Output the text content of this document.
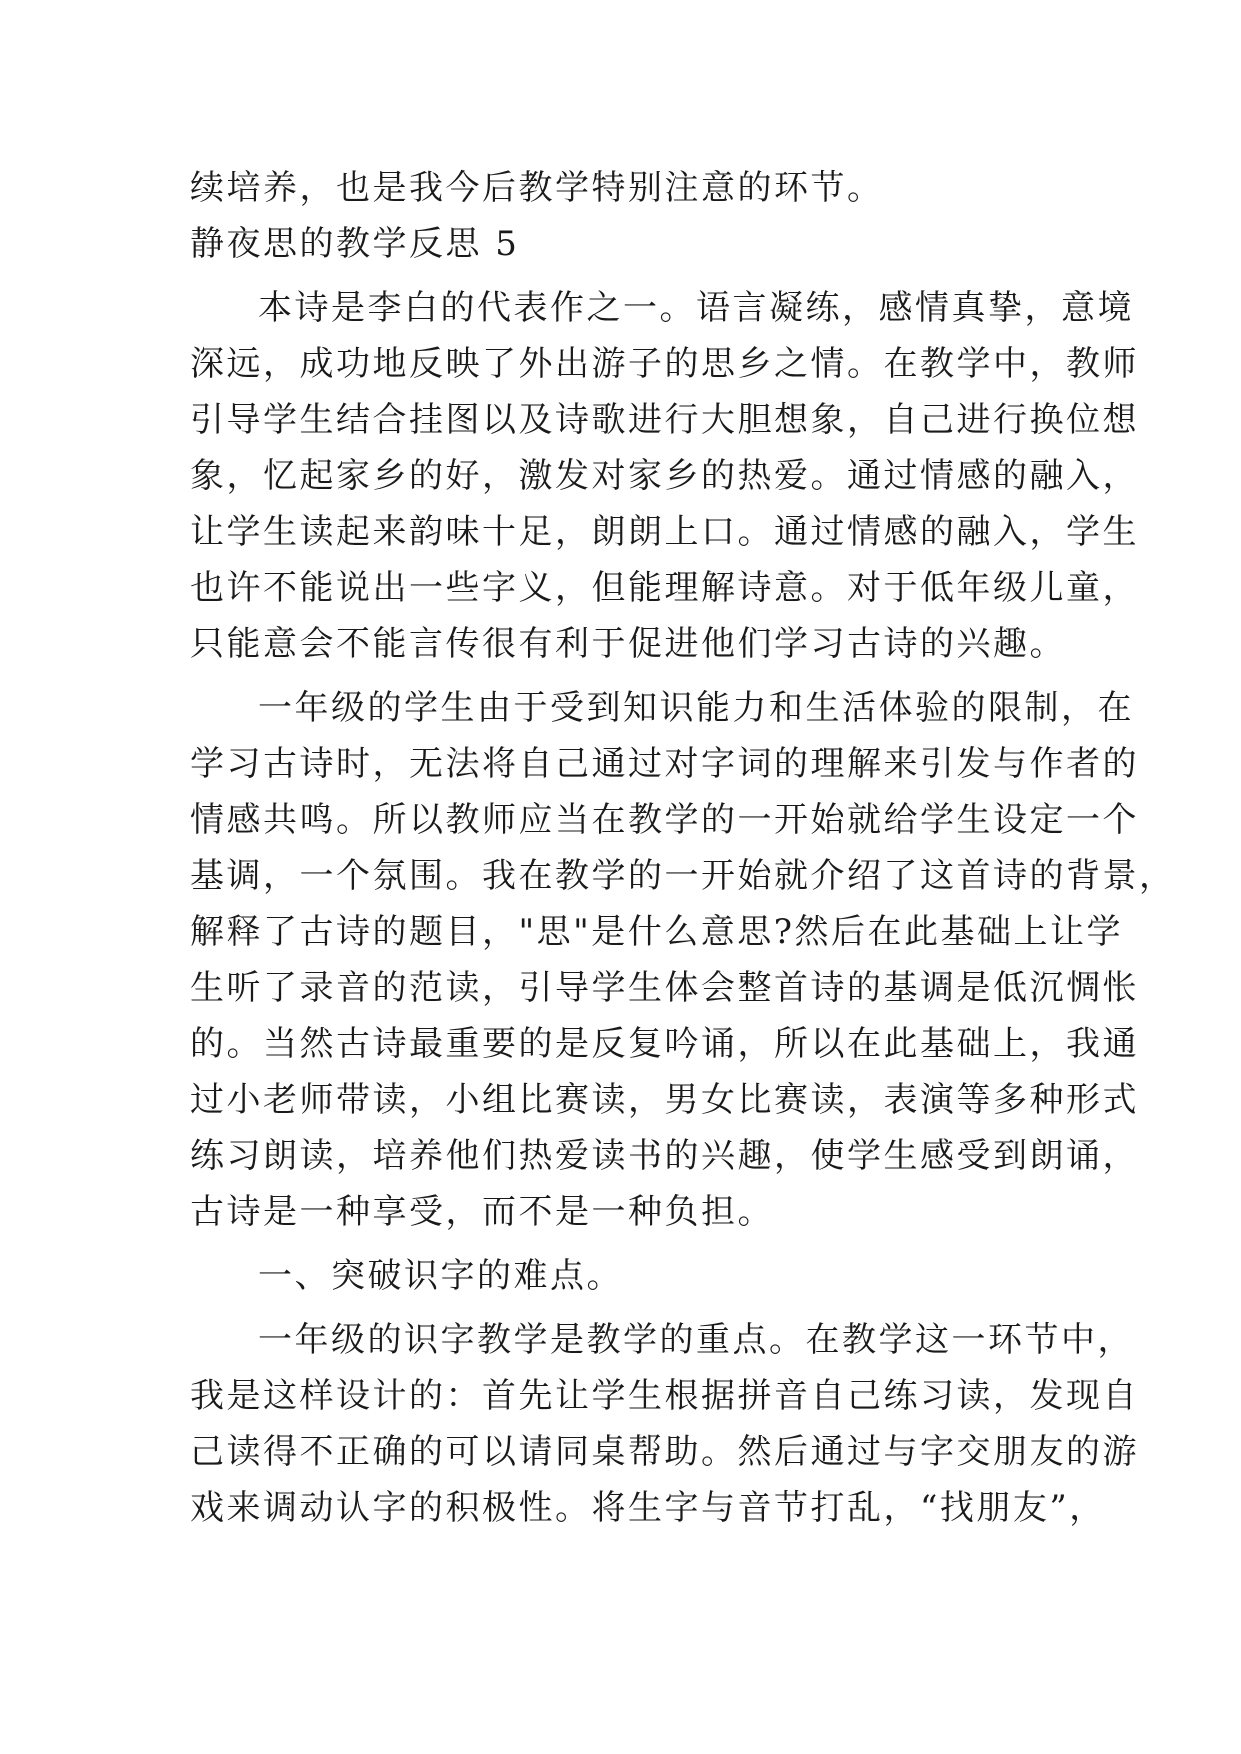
续培养，也是我今后教学特别注意的环节。
静夜思的教学反思 5
本诗是李白的代表作之一。语言凝练，感情真挚，意境
深远，成功地反映了外出游子的思乡之情。在教学中，教师
引导学生结合挂图以及诗歌进行大胆想象，自己进行换位想
象，忆起家乡的好，激发对家乡的热爱。通过情感的融入，
让学生读起来韵味十足，朗朗上口。通过情感的融入，学生
也许不能说出一些字义，但能理解诗意。对于低年级儿童，
只能意会不能言传很有利于促进他们学习古诗的兴趣。
一年级的学生由于受到知识能力和生活体验的限制，在
学习古诗时，无法将自己通过对字词的理解来引发与作者的
情感共鸣。所以教师应当在教学的一开始就给学生设定一个
基调，一个氛围。我在教学的一开始就介绍了这首诗的背景，
解释了古诗的题目，"思"是什么意思?然后在此基础上让学
生听了录音的范读，引导学生体会整首诗的基调是低沉惆怅
的。当然古诗最重要的是反复吟诵，所以在此基础上，我通
过小老师带读，小组比赛读，男女比赛读，表演等多种形式
练习朗读，培养他们热爱读书的兴趣，使学生感受到朗诵，
古诗是一种享受，而不是一种负担。
一、突破识字的难点。
一年级的识字教学是教学的重点。在教学这一环节中，
我是这样设计的：首先让学生根据拼音自己练习读，发现自
己读得不正确的可以请同桌帮助。然后通过与字交朋友的游
戏来调动认字的积极性。将生字与音节打乱，“找朋友”，
